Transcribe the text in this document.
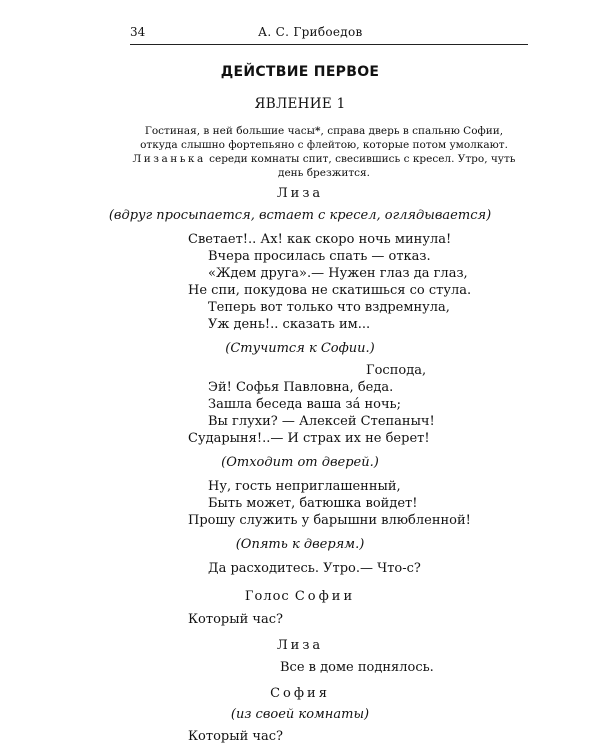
34	А. С. Грибоедов
ДЕЙСТВИЕ ПЕРВОЕ
ЯВЛЕНИЕ 1
Гостиная, в ней большие часы*, справа дверь в спальню Софии, откуда слышно фортепьяно с флейтою, которые потом умолкают. Лизанька середи комнаты спит, свесившись с кресел. Утро, чуть день брезжится.
Лиза
(вдруг просыпается, встает с кресел, оглядывается)
Светает!.. Ах! как скоро ночь минула!
Вчера просилась спать — отказ.
«Ждем друга».— Нужен глаз да глаз,
Не спи, покудова не скатишься со стула.
Теперь вот только что вздремнула,
Уж день!.. сказать им...
(Стучится к Софии.)
Господа,
Эй! Софья Павловна, беда.
Зашла беседа ваша зá ночь;
Вы глухи? — Алексей Степаныч!
Сударыня!..— И страх их не берет!
(Отходит от дверей.)
Ну, гость неприглашенный,
Быть может, батюшка войдет!
Прошу служить у барышни влюбленной!
(Опять к дверям.)
Да расходитесь. Утро.— Что-с?
Голос Софии
Который час?
Лиза
Все в доме поднялось.
София
(из своей комнаты)
Который час?
